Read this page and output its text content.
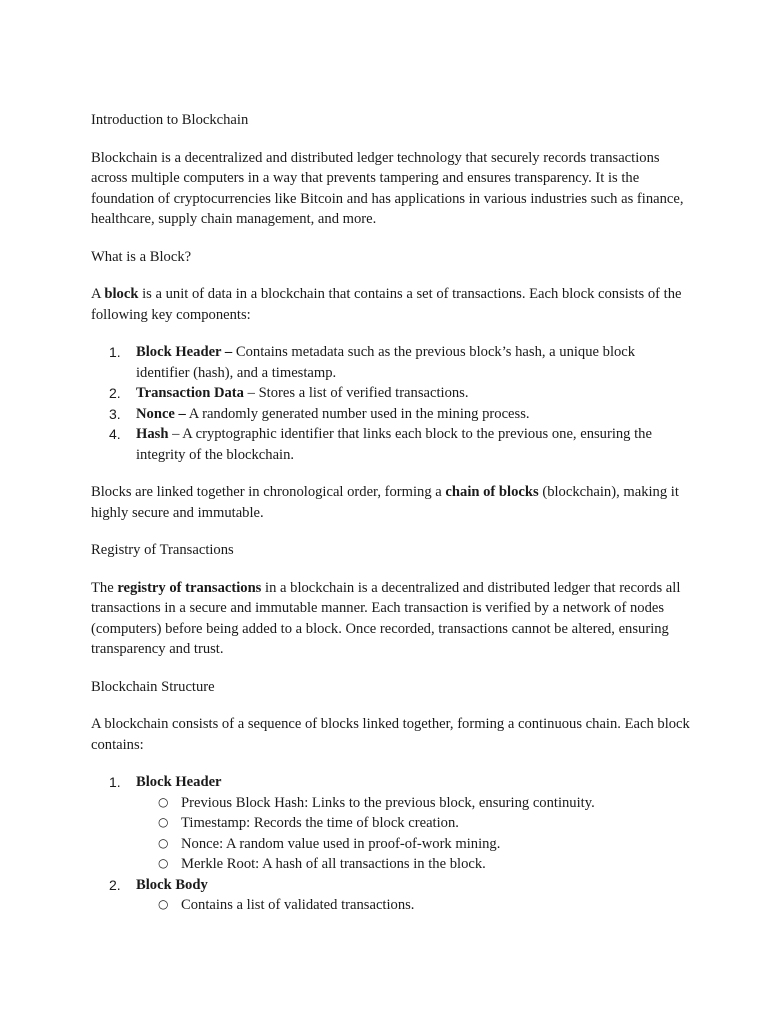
Introduction to Blockchain

Blockchain is a decentralized and distributed ledger technology that securely records transactions across multiple computers in a way that prevents tampering and ensures transparency. It is the foundation of cryptocurrencies like Bitcoin and has applications in various industries such as finance, healthcare, supply chain management, and more.

What is a Block?

A block is a unit of data in a blockchain that contains a set of transactions. Each block consists of the following key components:

1. Block Header – Contains metadata such as the previous block’s hash, a unique block identifier (hash), and a timestamp.
2. Transaction Data – Stores a list of verified transactions.
3. Nonce – A randomly generated number used in the mining process.
4. Hash – A cryptographic identifier that links each block to the previous one, ensuring the integrity of the blockchain.

Blocks are linked together in chronological order, forming a chain of blocks (blockchain), making it highly secure and immutable.

Registry of Transactions

The registry of transactions in a blockchain is a decentralized and distributed ledger that records all transactions in a secure and immutable manner. Each transaction is verified by a network of nodes (computers) before being added to a block. Once recorded, transactions cannot be altered, ensuring transparency and trust.

Blockchain Structure

A blockchain consists of a sequence of blocks linked together, forming a continuous chain. Each block contains:

1. Block Header
○ Previous Block Hash: Links to the previous block, ensuring continuity.
○ Timestamp: Records the time of block creation.
○ Nonce: A random value used in proof-of-work mining.
○ Merkle Root: A hash of all transactions in the block.
2. Block Body
○ Contains a list of validated transactions.
